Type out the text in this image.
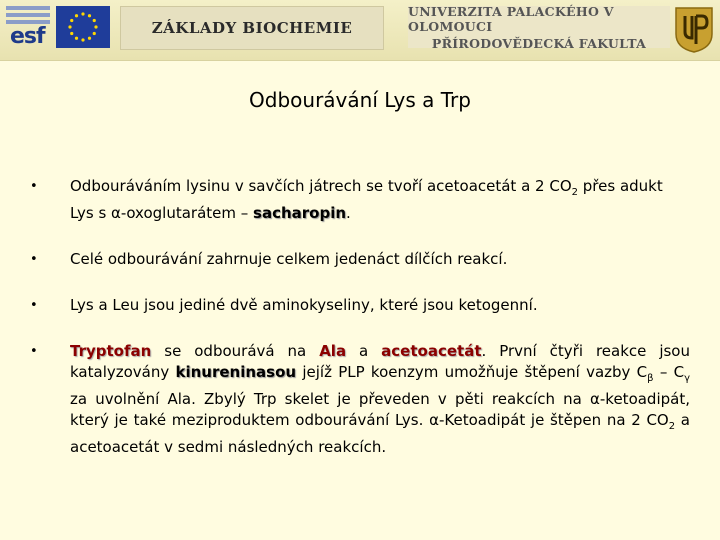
esf	ZÁKLADY BIOCHEMIE
UNIVERZITA PALACKÉHO V OLOMOUCI
PŘÍRODOVĚDECKÁ FAKULTA
Odbourávání Lys a Trp
• Odbouráváním lysinu v savčích játrech se tvoří acetoacetát a 2 $CO_2$ přes adukt Lys s α-oxoglutarátem – sacharopin.
• Celé odbourávání zahrnuje celkem jedenáct dílčích reakcí.
• Lys a Leu jsou jediné dvě aminokyseliny, které jsou ketogenní.
• Tryptofan se odbourává na Ala a acetoacetát. První čtyři reakce jsou katalyzovány kinureninasou jejíž PLP koenzym umožňuje štěpení vazby $C_\beta - C_\gamma$ za uvolnění Ala. Zbylý Trp skelet je převeden v pěti reakcích na α-ketoadipát, který je také meziproduktem odbourávání Lys. α-Ketoadipát je štěpen na 2 $CO_2$ a acetoacetát v sedmi následných reakcích.
